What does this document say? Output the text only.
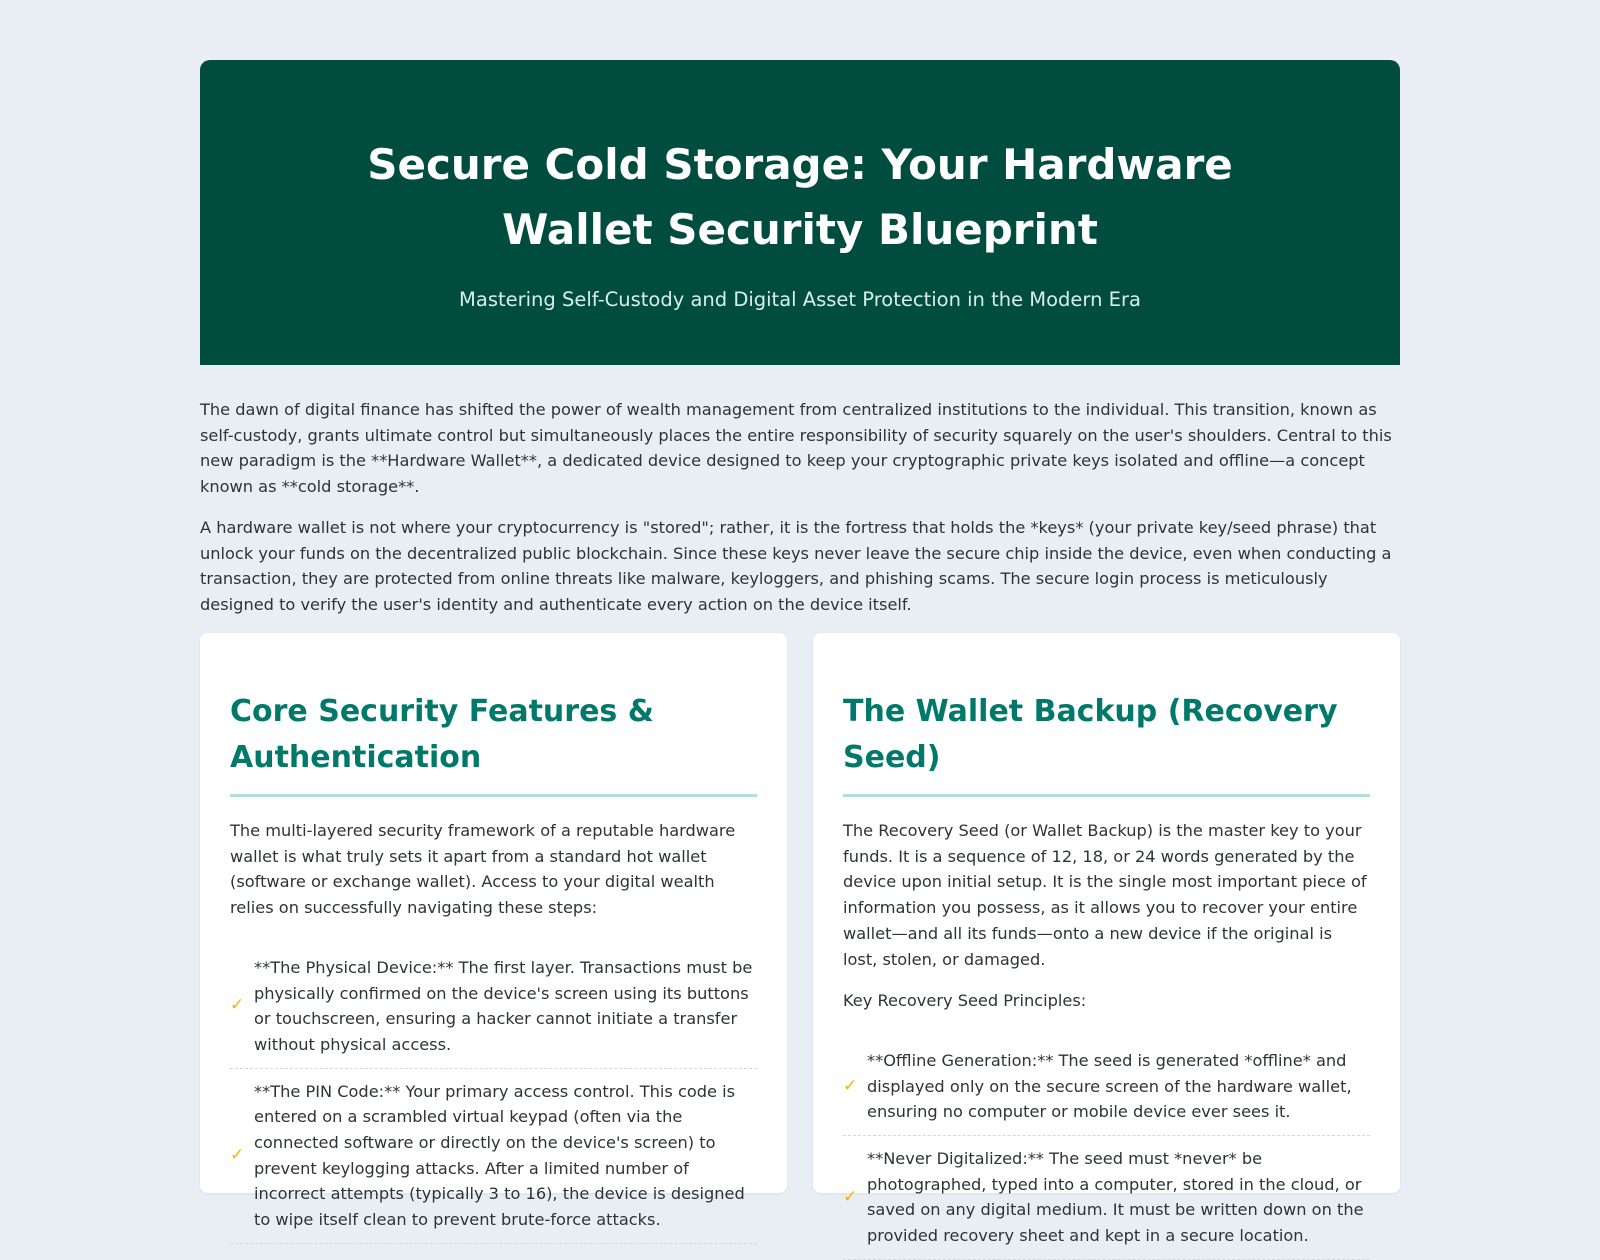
Secure Cold Storage: Your Hardware Wallet Security Blueprint
Mastering Self-Custody and Digital Asset Protection in the Modern Era

The dawn of digital finance has shifted the power of wealth management from centralized institutions to the individual. This transition, known as self-custody, grants ultimate control but simultaneously places the entire responsibility of security squarely on the user's shoulders. Central to this new paradigm is the **Hardware Wallet**, a dedicated device designed to keep your cryptographic private keys isolated and offline—a concept known as **cold storage**.

A hardware wallet is not where your cryptocurrency is "stored"; rather, it is the fortress that holds the *keys* (your private key/seed phrase) that unlock your funds on the decentralized public blockchain. Since these keys never leave the secure chip inside the device, even when conducting a transaction, they are protected from online threats like malware, keyloggers, and phishing scams. The secure login process is meticulously designed to verify the user's identity and authenticate every action on the device itself.

Core Security Features & Authentication

The multi-layered security framework of a reputable hardware wallet is what truly sets it apart from a standard hot wallet (software or exchange wallet). Access to your digital wealth relies on successfully navigating these steps:

✓
**The Physical Device:** The first layer. Transactions must be physically confirmed on the device's screen using its buttons or touchscreen, ensuring a hacker cannot initiate a transfer without physical access.
✓
**The PIN Code:** Your primary access control. This code is entered on a scrambled virtual keypad (often via the connected software or directly on the device's screen) to prevent keylogging attacks. After a limited number of incorrect attempts (typically 3 to 16), the device is designed to wipe itself clean to prevent brute-force attacks.
The Wallet Backup (Recovery Seed)

The Recovery Seed (or Wallet Backup) is the master key to your funds. It is a sequence of 12, 18, or 24 words generated by the device upon initial setup. It is the single most important piece of information you possess, as it allows you to recover your entire wallet—and all its funds—onto a new device if the original is lost, stolen, or damaged.

Key Recovery Seed Principles:

✓
**Offline Generation:** The seed is generated *offline* and displayed only on the secure screen of the hardware wallet, ensuring no computer or mobile device ever sees it.
✓
**Never Digitalized:** The seed must *never* be photographed, typed into a computer, stored in the cloud, or saved on any digital medium. It must be written down on the provided recovery sheet and kept in a secure location.
